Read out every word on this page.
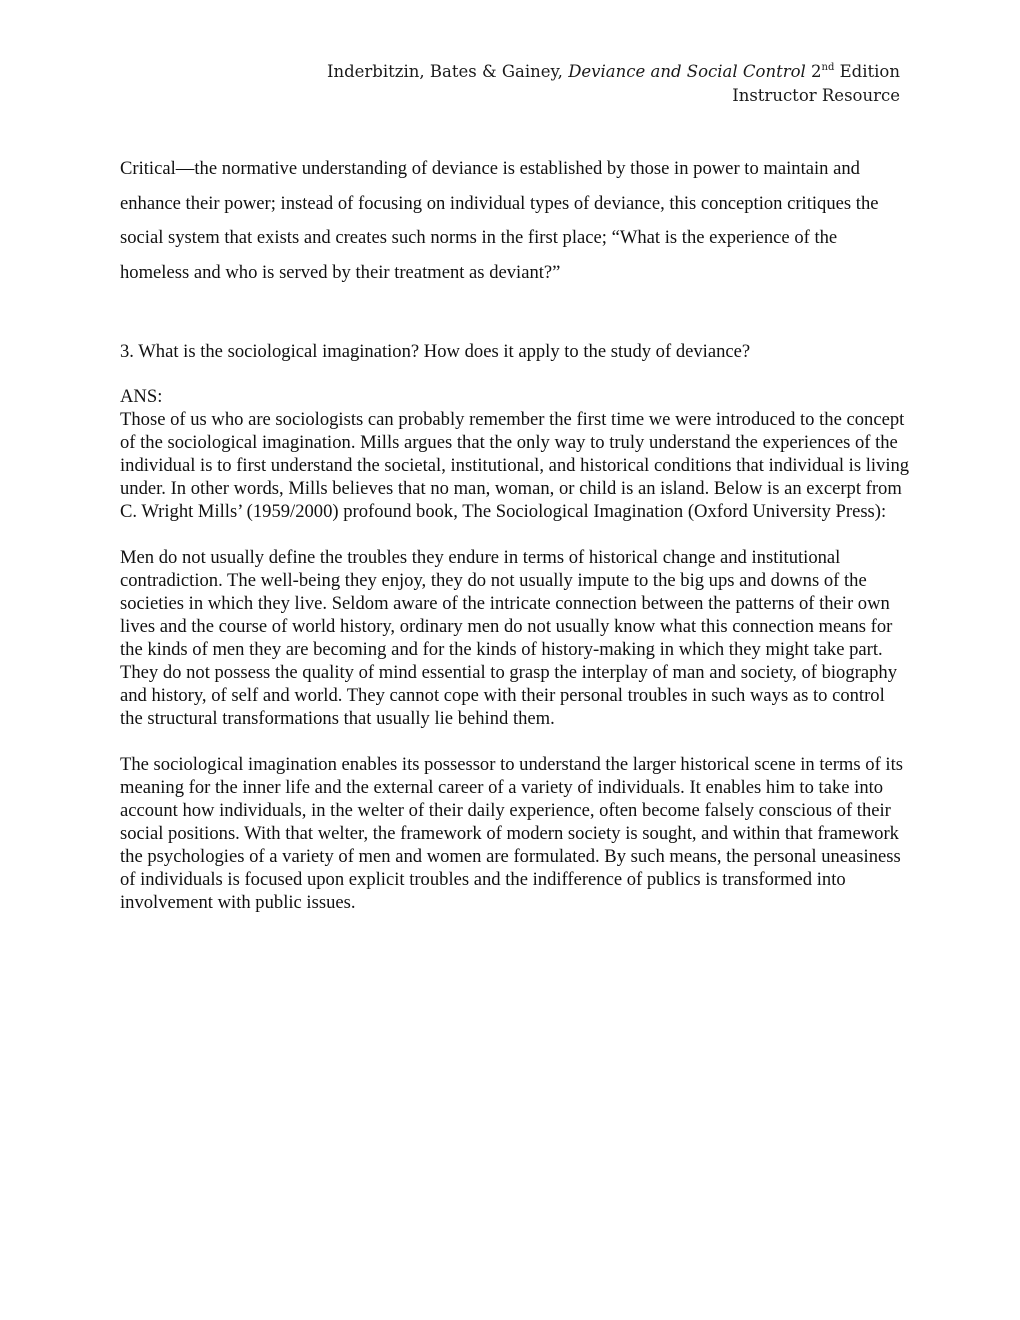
Inderbitzin, Bates & Gainey, Deviance and Social Control 2nd Edition
Instructor Resource

Critical—the normative understanding of deviance is established by those in power to maintain and enhance their power; instead of focusing on individual types of deviance, this conception critiques the social system that exists and creates such norms in the first place; “What is the experience of the homeless and who is served by their treatment as deviant?”

3. What is the sociological imagination? How does it apply to the study of deviance?

ANS:

Those of us who are sociologists can probably remember the first time we were introduced to the concept of the sociological imagination. Mills argues that the only way to truly understand the experiences of the individual is to first understand the societal, institutional, and historical conditions that individual is living under. In other words, Mills believes that no man, woman, or child is an island. Below is an excerpt from C. Wright Mills’ (1959/2000) profound book, The Sociological Imagination (Oxford University Press):

Men do not usually define the troubles they endure in terms of historical change and institutional contradiction. The well-being they enjoy, they do not usually impute to the big ups and downs of the societies in which they live. Seldom aware of the intricate connection between the patterns of their own lives and the course of world history, ordinary men do not usually know what this connection means for the kinds of men they are becoming and for the kinds of history-making in which they might take part. They do not possess the quality of mind essential to grasp the interplay of man and society, of biography and history, of self and world. They cannot cope with their personal troubles in such ways as to control the structural transformations that usually lie behind them.

The sociological imagination enables its possessor to understand the larger historical scene in terms of its meaning for the inner life and the external career of a variety of individuals. It enables him to take into account how individuals, in the welter of their daily experience, often become falsely conscious of their social positions. With that welter, the framework of modern society is sought, and within that framework the psychologies of a variety of men and women are formulated. By such means, the personal uneasiness of individuals is focused upon explicit troubles and the indifference of publics is transformed into involvement with public issues.
